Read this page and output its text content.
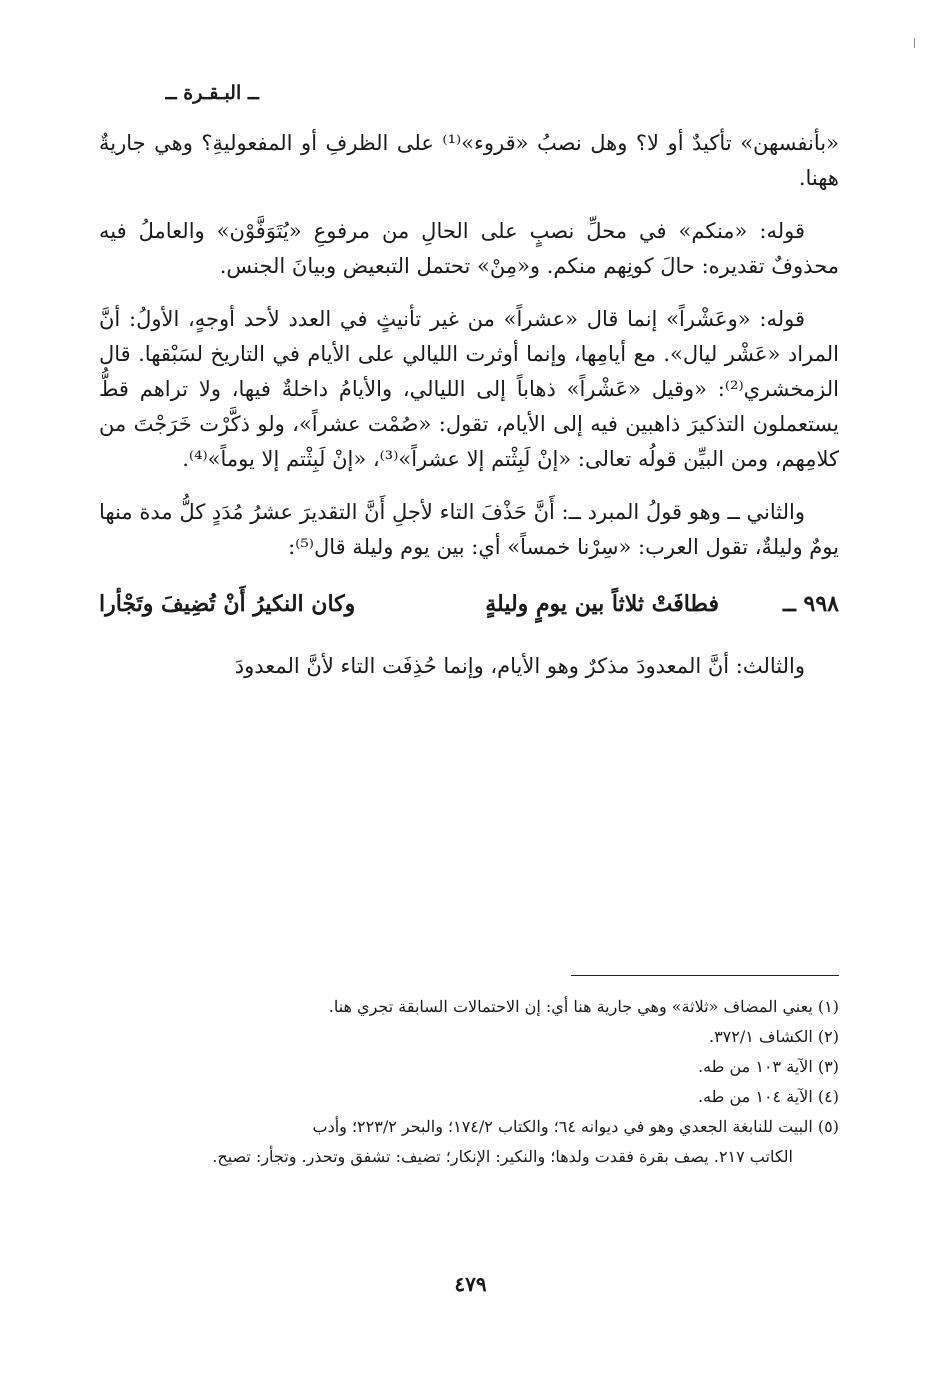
ــ البـقـرة ــ

«بأنفسهن» تأكيدٌ أو لا؟ وهل نصبُ «قروء»⁽¹⁾ على الظرفِ أو المفعوليةِ؟ وهي جاريةٌ ههنا.

قوله: «منكم» في محلِّ نصبٍ على الحالِ من مرفوعِ «يُتَوَفَّوْن» والعاملُ فيه محذوفٌ تقديره: حالَ كونِهم منكم. و«مِنْ» تحتمل التبعيض وبيانَ الجنس.

قوله: «وعَشْراً» إنما قال «عشراً» من غير تأنيثٍ في العدد لأحد أوجهٍ، الأولُ: أنَّ المراد «عَشْر ليال». مع أيامِها، وإنما أوثرت الليالي على الأيام في التاريخ لسَبْقها. قال الزمخشري⁽²⁾: «وقيل «عَشْراً» ذهاباً إلى الليالي، والأيامُ داخلةٌ فيها، ولا تراهم قطُّ يستعملون التذكيرَ ذاهبين فيه إلى الأيام، تقول: «صُمْت عشراً»، ولو ذكَّرْت خَرَجْتَ من كلامِهم، ومن البيِّن قولُه تعالى: «إنْ لَبِثْتم إلا عشراً»⁽³⁾، «إنْ لَبِثْتم إلا يوماً»⁽⁴⁾.

والثاني ــ وهو قولُ المبرد ــ: أَنَّ حَذْفَ التاء لأجلِ أَنَّ التقديرَ عشرُ مُدَدٍ كلُّ مدة منها يومٌ وليلةٌ، تقول العرب: «سِرْنا خمساً» أي: بين يوم وليلة قال⁽⁵⁾:

٩٩٨ ــ
فطافَتْ ثلاثاً بين يومٍ وليلةٍ
وكان النكيرُ أَنْ تُضِيفَ وتَجْأرا

والثالث: أنَّ المعدودَ مذكرٌ وهو الأيام، وإنما حُذِفَت التاء لأنَّ المعدودَ

(١) يعني المضاف «ثلاثة» وهي جارية هنا أي: إن الاحتمالات السابقة تجري هنا.
(٢) الكشاف ٣٧٢/١.
(٣) الآية ١٠٣ من طه.
(٤) الآية ١٠٤ من طه.
(٥) البيت للنابغة الجعدي وهو في ديوانه ٦٤؛ والكتاب ١٧٤/٢؛ والبحر ٢٢٣/٢؛ وأدب
الكاتب ٢١٧. يصف بقرة فقدت ولدها؛ والنكير: الإنكار؛ تضيف: تشفق وتحذر. وتجأر: تصيح.
٤٧٩
